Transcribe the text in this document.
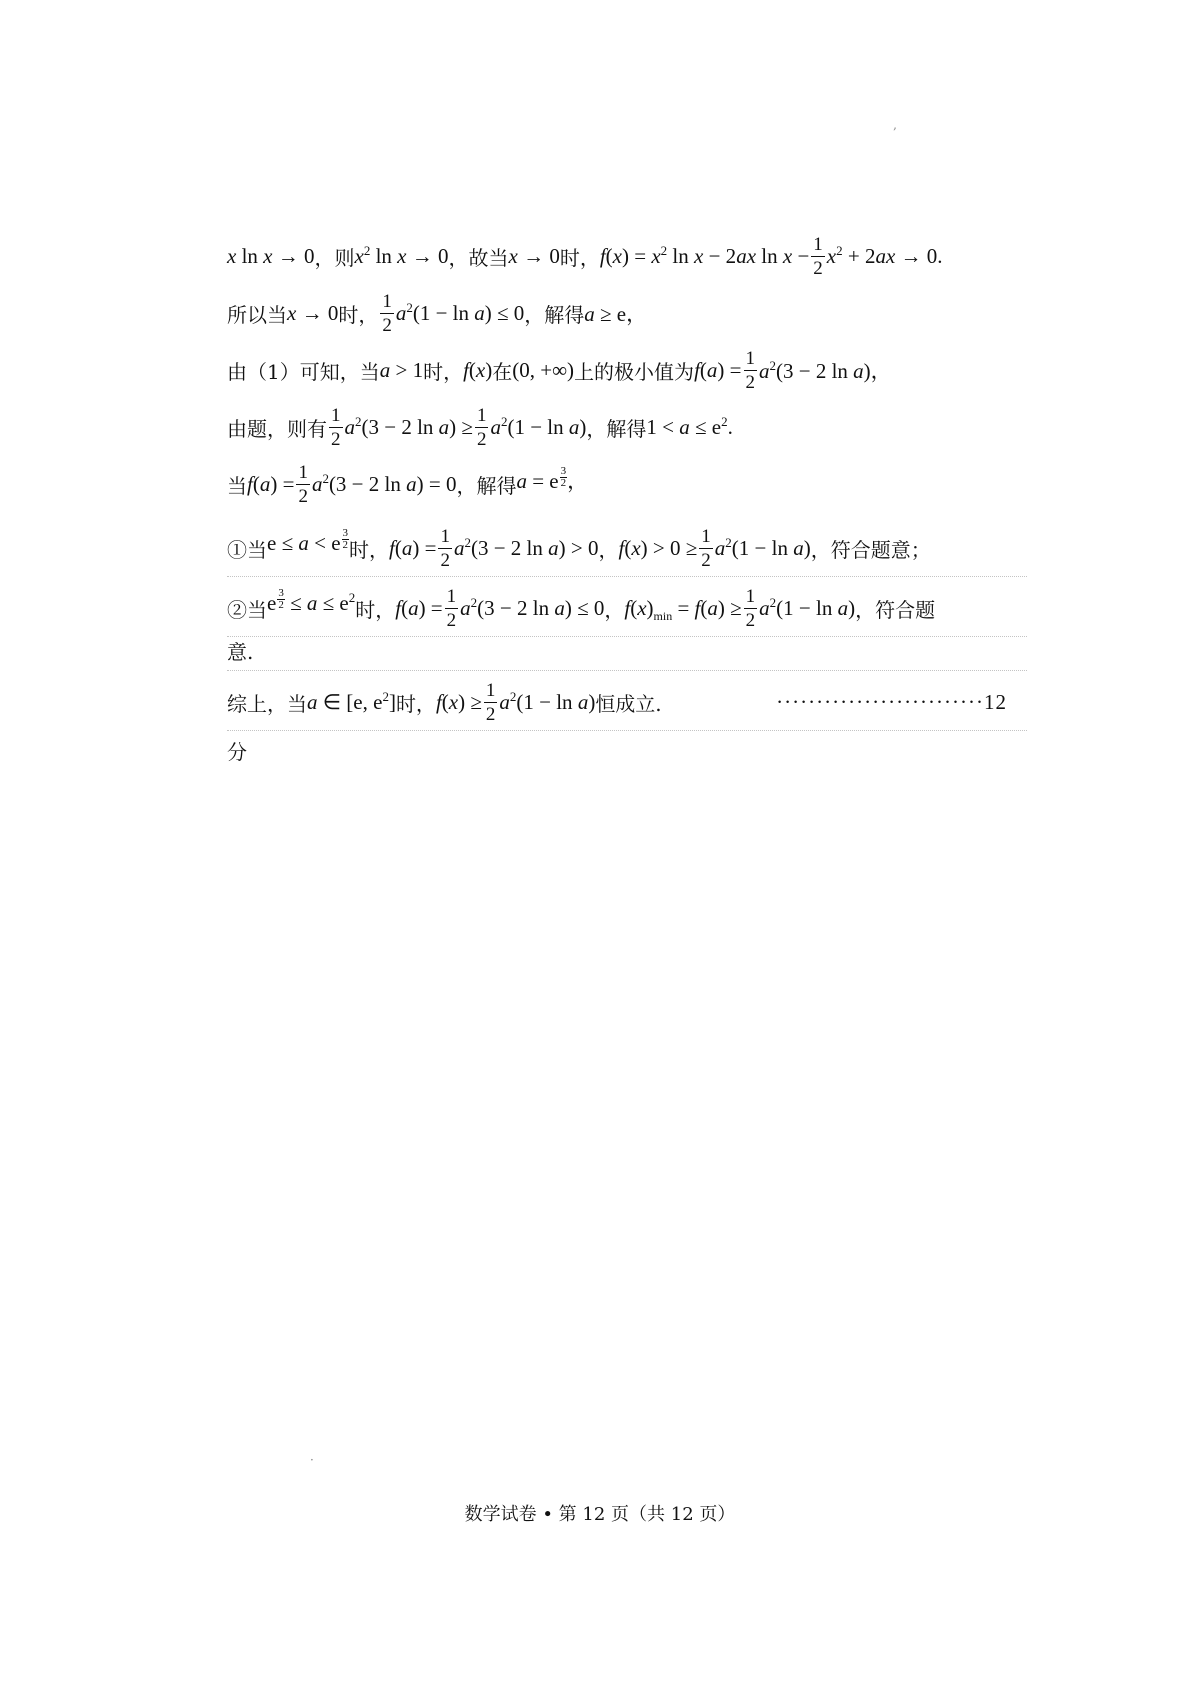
‚
x ln x → 0 ，则 $x^2$ ln x → 0 ，故当 x → 0 时， $f(x) = x^2$ ln x − 2ax $\ln x - \frac{1}{2} x^2 + 2ax \to 0$.
所以当 x → 0 时， $\frac{1}{2} a^2(1 - \ln a) \le 0$ ，解得 a ≥ e，
由（1）可知，当 a > 1 时， f(x) 在 (0, +∞) 上的极小值为 $f(a) = \frac{1}{2} a^2(3 - 2$ ln a)，
由题，则有 $\frac{1}{2} a^2(3 - 2$ $\ln a) \ge \frac{1}{2} a^2(1 - \ln a)$ ，解得 $1 < a \le e^2$.
当 $f(a) = \frac{1}{2} a^2(3 - 2$ ln a) = 0 ，解得 a = e $\frac{3}{2}$ ，
①当 e ≤ a < e $\frac{3}{2}$ 时， $f(a) = \frac{1}{2} a^2(3 - 2$ ln a) > 0 ， $f(x) > 0 \ge \frac{1}{2} a^2(1 - \ln a)$ ，符合题意；
②当 e $\frac{3}{2} \le a \le e^2$ 时， $f(a) = \frac{1}{2} a^2(3 - 2$ ln a) ≤ 0 ， $f(x)_{min} = f(a) \ge \frac{1}{2} a^2(1 - \ln a)$ ，符合题
意.
综上，当 a ∈ [e, $e^2$] 时， $f(x) \ge \frac{1}{2} a^2(1 - \ln a)$ 恒成立.	··························12
分
·
数学试卷 • 第 12 页（共 12 页）
